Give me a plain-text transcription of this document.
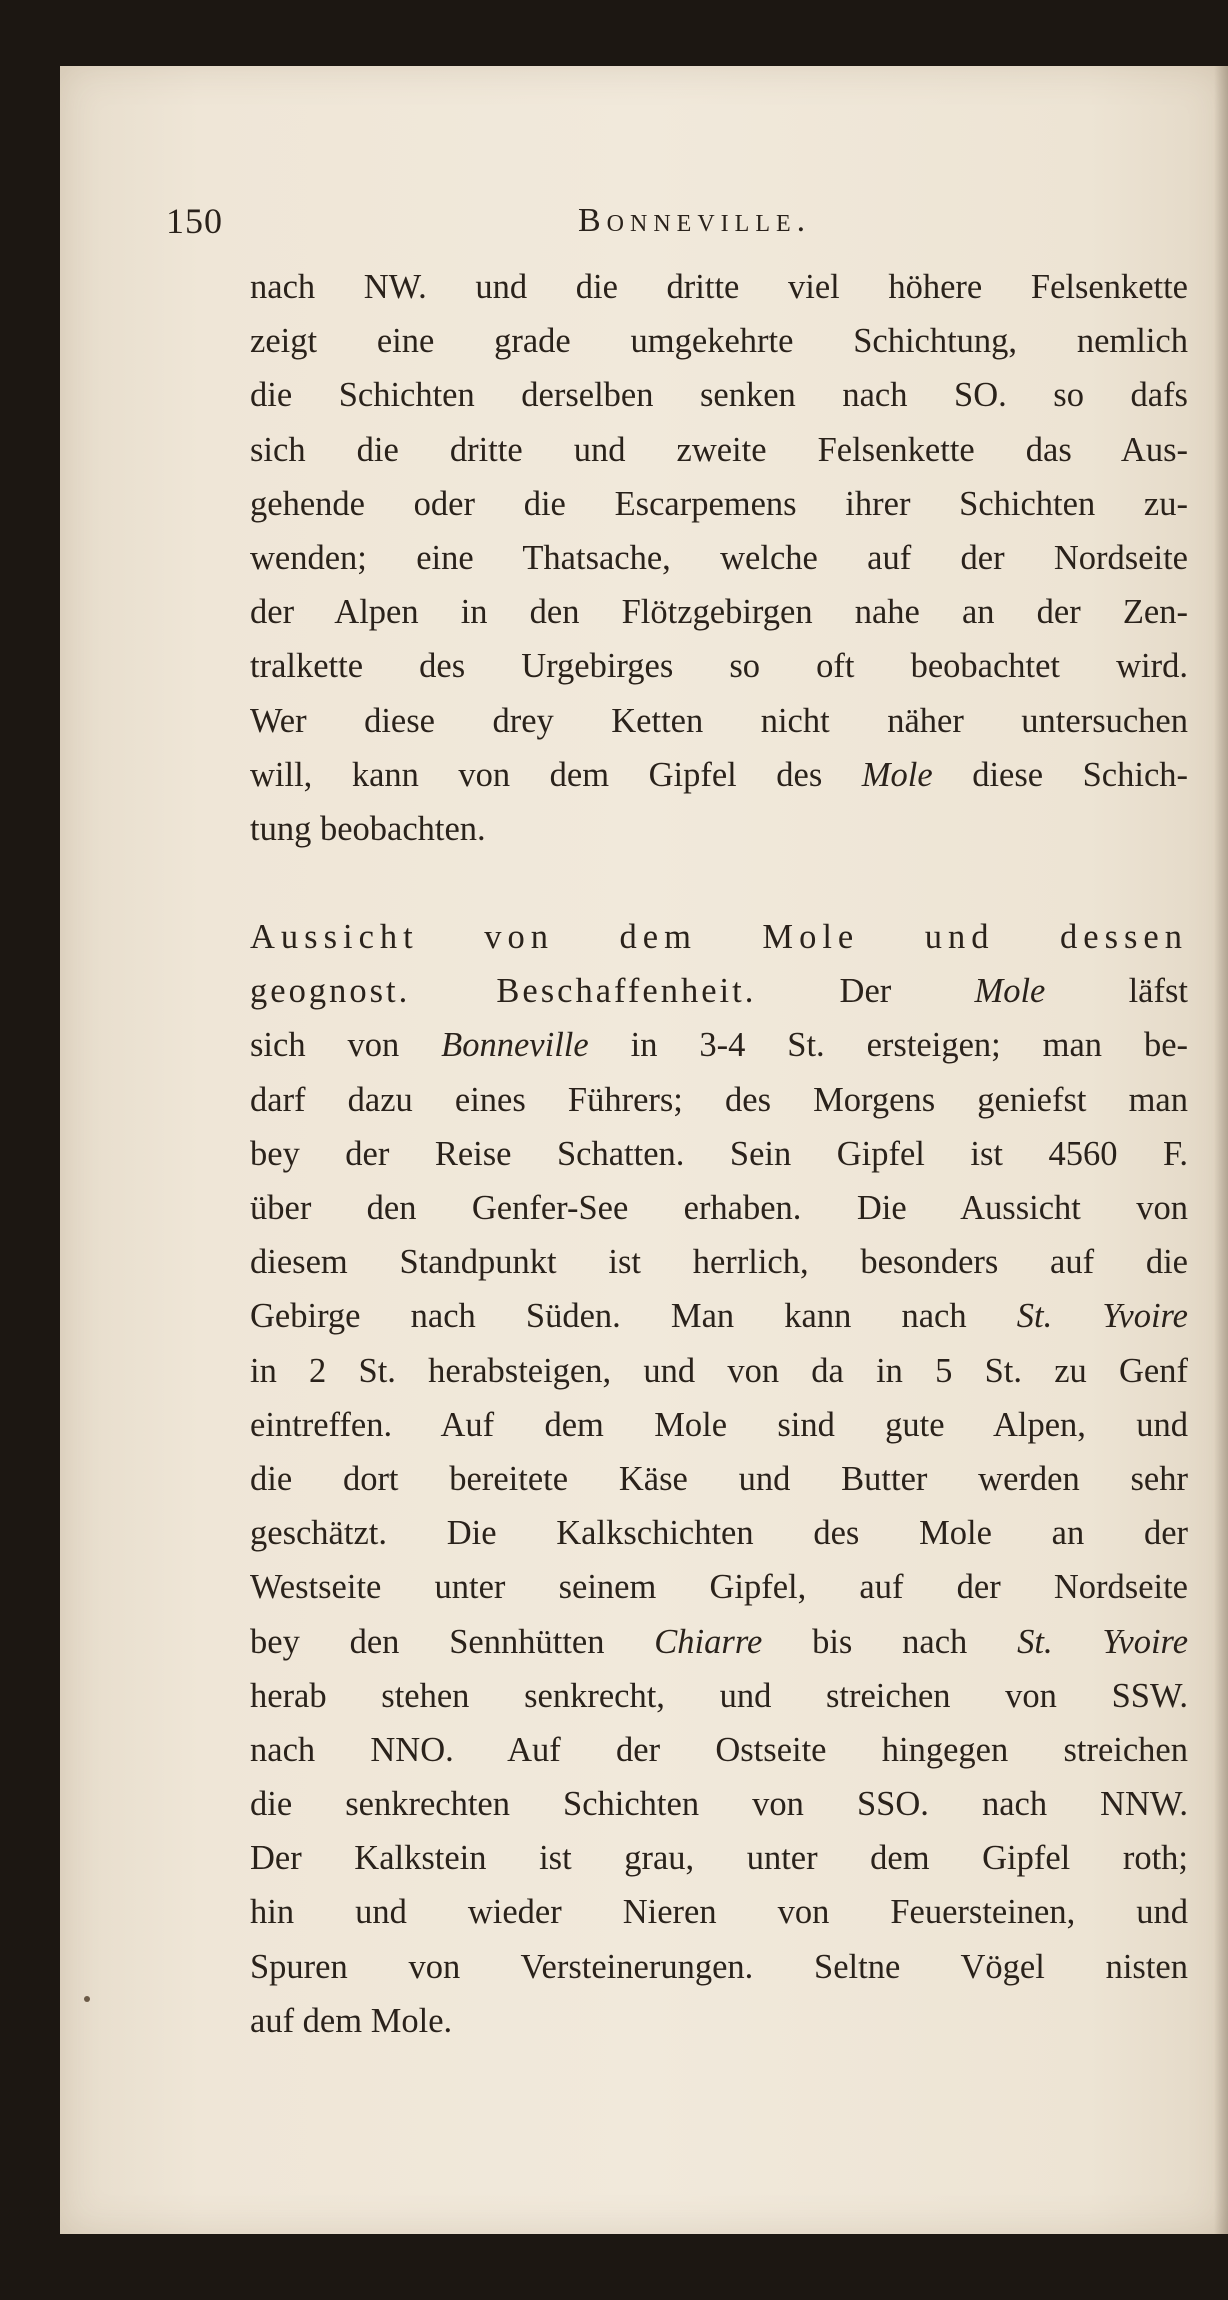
150	Bonneville.
nach NW. und die dritte viel höhere Felsenkette
zeigt eine grade umgekehrte Schichtung, nemlich
die Schichten derselben senken nach SO. so dafs
sich die dritte und zweite Felsenkette das Aus-
gehende oder die Escarpemens ihrer Schichten zu-
wenden; eine Thatsache, welche auf der Nordseite
der Alpen in den Flötzgebirgen nahe an der Zen-
tralkette des Urgebirges so oft beobachtet wird.
Wer diese drey Ketten nicht näher untersuchen
will, kann von dem Gipfel des Mole diese Schich-
tung beobachten.
Aussicht von dem Mole und dessen
geognost. Beschaffenheit. Der Mole läfst
sich von Bonneville in 3-4 St. ersteigen; man be-
darf dazu eines Führers; des Morgens geniefst man
bey der Reise Schatten. Sein Gipfel ist 4560 F.
über den Genfer-See erhaben. Die Aussicht von
diesem Standpunkt ist herrlich, besonders auf die
Gebirge nach Süden. Man kann nach St. Yvoire
in 2 St. herabsteigen, und von da in 5 St. zu Genf
eintreffen. Auf dem Mole sind gute Alpen, und
die dort bereitete Käse und Butter werden sehr
geschätzt. Die Kalkschichten des Mole an der
Westseite unter seinem Gipfel, auf der Nordseite
bey den Sennhütten Chiarre bis nach St. Yvoire
herab stehen senkrecht, und streichen von SSW.
nach NNO. Auf der Ostseite hingegen streichen
die senkrechten Schichten von SSO. nach NNW.
Der Kalkstein ist grau, unter dem Gipfel roth;
hin und wieder Nieren von Feuersteinen, und
Spuren von Versteinerungen. Seltne Vögel nisten
auf dem Mole.
